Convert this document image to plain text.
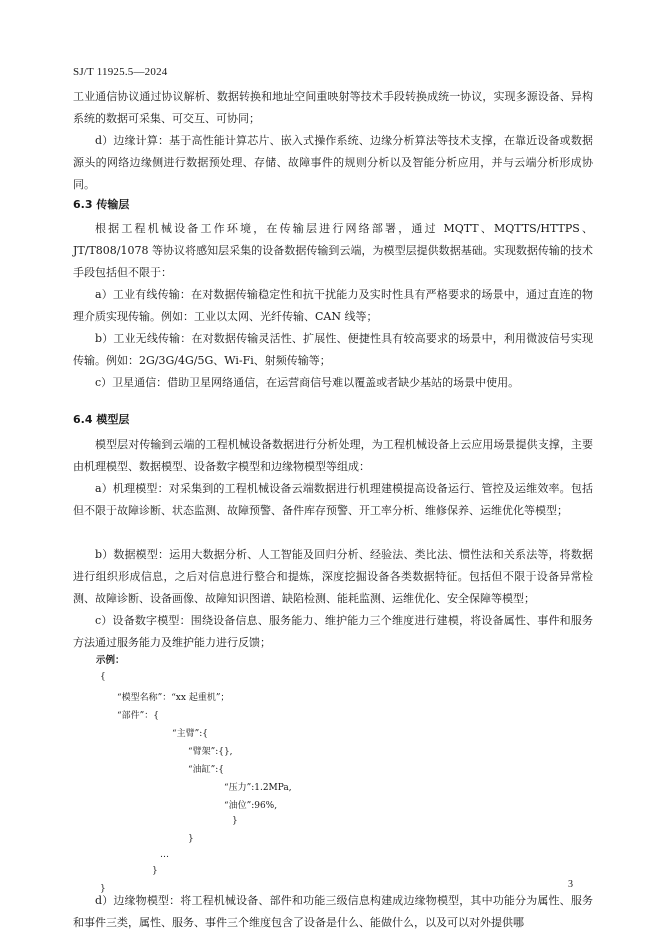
SJ/T 11925.5—2024
工业通信协议通过协议解析、数据转换和地址空间重映射等技术手段转换成统一协议，实现多源设备、异构系统的数据可采集、可交互、可协同；
d）边缘计算：基于高性能计算芯片、嵌入式操作系统、边缘分析算法等技术支撑，在靠近设备或数据源头的网络边缘侧进行数据预处理、存储、故障事件的规则分析以及智能分析应用，并与云端分析形成协同。
6.3 传输层
根据工程机械设备工作环境，在传输层进行网络部署，通过 MQTT、MQTTS/HTTPS、JT/T808/1078 等协议将感知层采集的设备数据传输到云端，为模型层提供数据基础。实现数据传输的技术手段包括但不限于：
a）工业有线传输：在对数据传输稳定性和抗干扰能力及实时性具有严格要求的场景中，通过直连的物理介质实现传输。例如：工业以太网、光纤传输、CAN 线等；
b）工业无线传输：在对数据传输灵活性、扩展性、便捷性具有较高要求的场景中，利用微波信号实现传输。例如：2G/3G/4G/5G、Wi-Fi、射频传输等；
c）卫星通信：借助卫星网络通信，在运营商信号难以覆盖或者缺少基站的场景中使用。
6.4 模型层
模型层对传输到云端的工程机械设备数据进行分析处理，为工程机械设备上云应用场景提供支撑，主要由机理模型、数据模型、设备数字模型和边缘物模型等组成：
a）机理模型：对采集到的工程机械设备云端数据进行机理建模提高设备运行、管控及运维效率。包括但不限于故障诊断、状态监测、故障预警、备件库存预警、开工率分析、维修保养、运维优化等模型；
b）数据模型：运用大数据分析、人工智能及回归分析、经验法、类比法、惯性法和关系法等，将数据进行组织形成信息，之后对信息进行整合和提炼，深度挖掘设备各类数据特征。包括但不限于设备异常检测、故障诊断、设备画像、故障知识图谱、缺陷检测、能耗监测、运维优化、安全保障等模型；
c）设备数字模型：围绕设备信息、服务能力、维护能力三个维度进行建模，将设备属性、事件和服务方法通过服务能力及维护能力进行反馈；
示例：
3
{
“模型名称”：“xx 起重机”；
“部件”：{
“主臂”:{
“臂架”:{},
“油缸”:{
“压力”:1.2MPa,
“油位”:96%,
}
}
…
}
}
d）边缘物模型：将工程机械设备、部件和功能三级信息构建成边缘物模型，其中功能分为属性、服务和事件三类，属性、服务、事件三个维度包含了设备是什么、能做什么，以及可以对外提供哪
